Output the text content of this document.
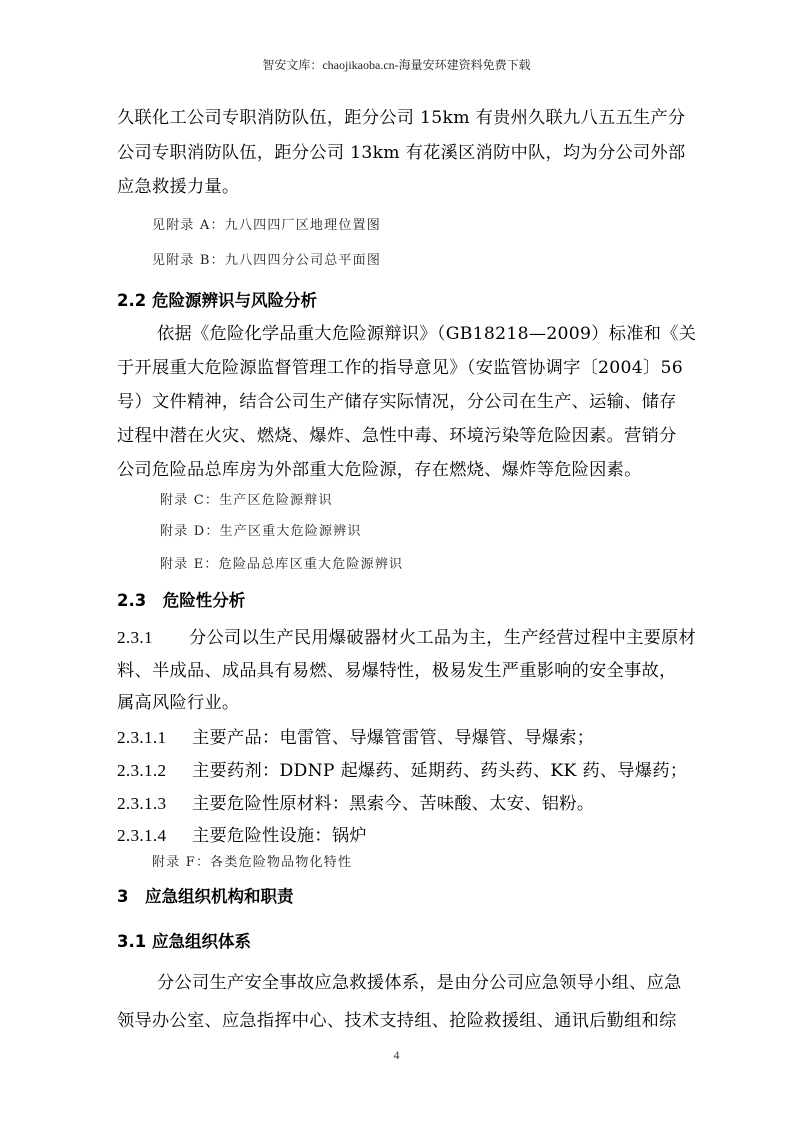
智安文库：chaojikaoba.cn-海量安环建资料免费下载
久联化工公司专职消防队伍，距分公司 15km 有贵州久联九八五五生产分
公司专职消防队伍，距分公司 13km 有花溪区消防中队，均为分公司外部
应急救援力量。
见附录 A：九八四四厂区地理位置图
见附录 B：九八四四分公司总平面图
2.2 危险源辨识与风险分析
依据《危险化学品重大危险源辩识》（GB18218—2009）标准和《关
于开展重大危险源监督管理工作的指导意见》（安监管协调字〔2004〕56
号）文件精神，结合公司生产储存实际情况，分公司在生产、运输、储存
过程中潜在火灾、燃烧、爆炸、急性中毒、环境污染等危险因素。营销分
公司危险品总库房为外部重大危险源，存在燃烧、爆炸等危险因素。
附录 C：生产区危险源辩识
附录 D：生产区重大危险源辨识
附录 E：危险品总库区重大危险源辨识
2.3　危险性分析
2.3.1 分公司以生产民用爆破器材火工品为主，生产经营过程中主要原材
料、半成品、成品具有易燃、易爆特性，极易发生严重影响的安全事故，
属高风险行业。
2.3.1.1 主要产品：电雷管、导爆管雷管、导爆管、导爆索；
2.3.1.2 主要药剂：DDNP 起爆药、延期药、药头药、KK 药、导爆药；
2.3.1.3 主要危险性原材料：黑索今、苦味酸、太安、铝粉。
2.3.1.4 主要危险性设施：锅炉
附录 F：各类危险物品物化特性
3　应急组织机构和职责
3.1 应急组织体系
分公司生产安全事故应急救援体系，是由分公司应急领导小组、应急
领导办公室、应急指挥中心、技术支持组、抢险救援组、通讯后勤组和综
4
